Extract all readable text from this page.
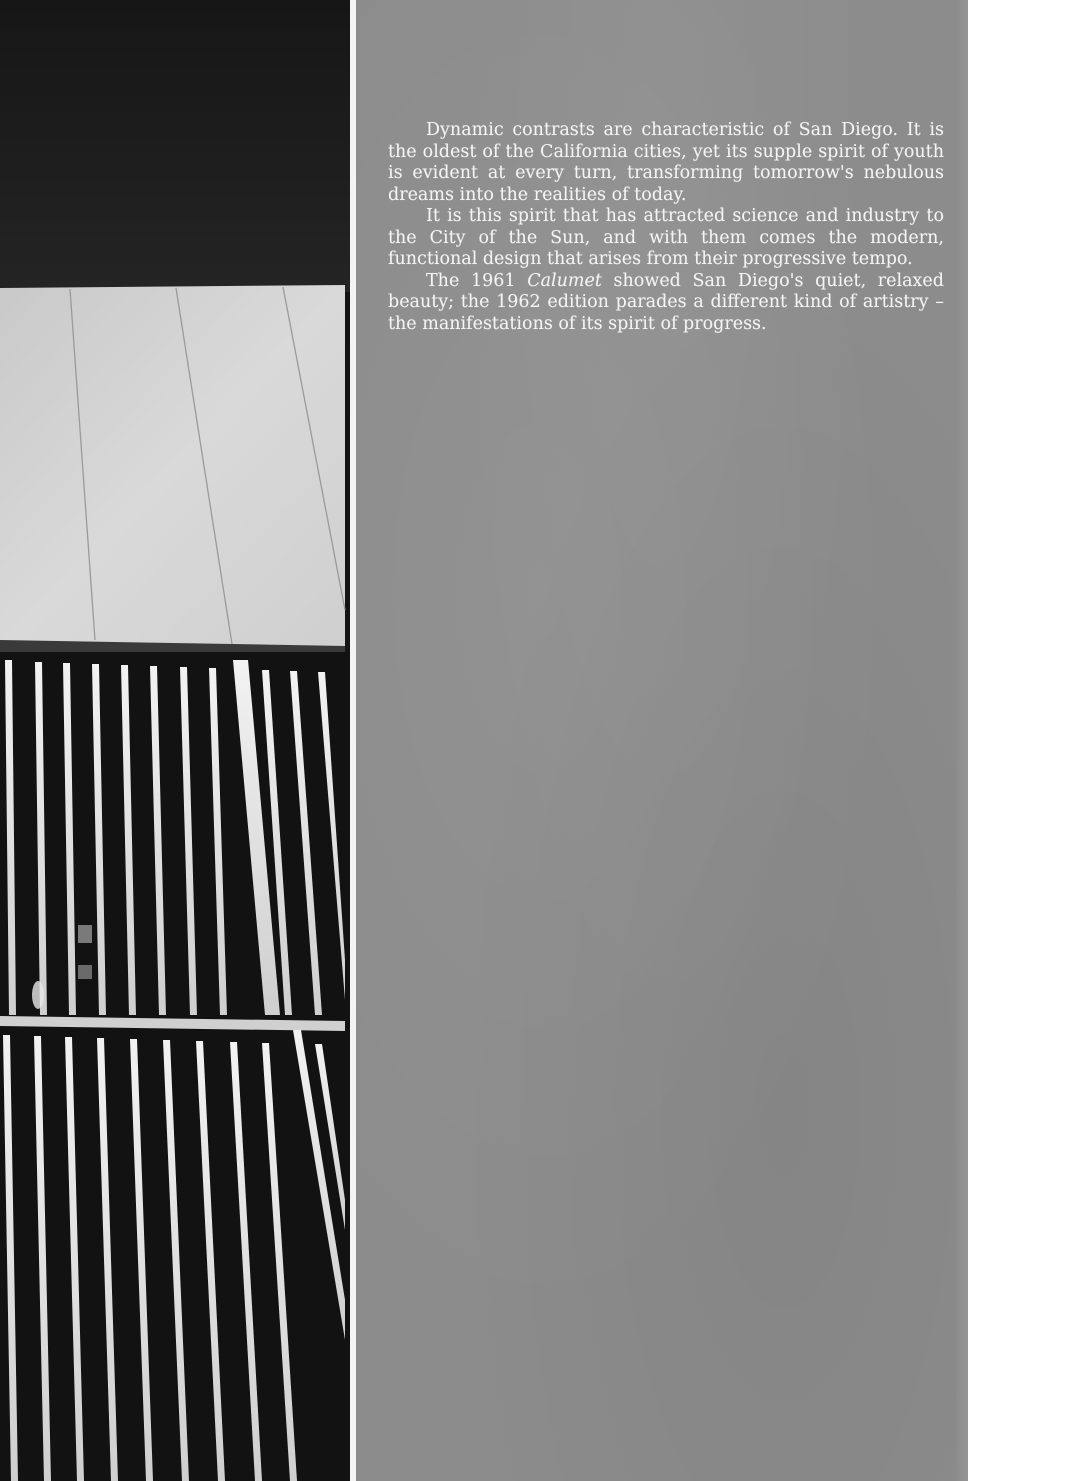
Dynamic contrasts are characteristic of San Diego. It is the oldest of the California cities, yet its supple spirit of youth is evident at every turn, transforming tomorrow's nebulous dreams into the realities of today.

It is this spirit that has attracted science and industry to the City of the Sun, and with them comes the modern, functional design that arises from their progressive tempo.

The 1961 Calumet showed San Diego's quiet, relaxed beauty; the 1962 edition parades a different kind of artistry – the manifestations of its spirit of progress.
